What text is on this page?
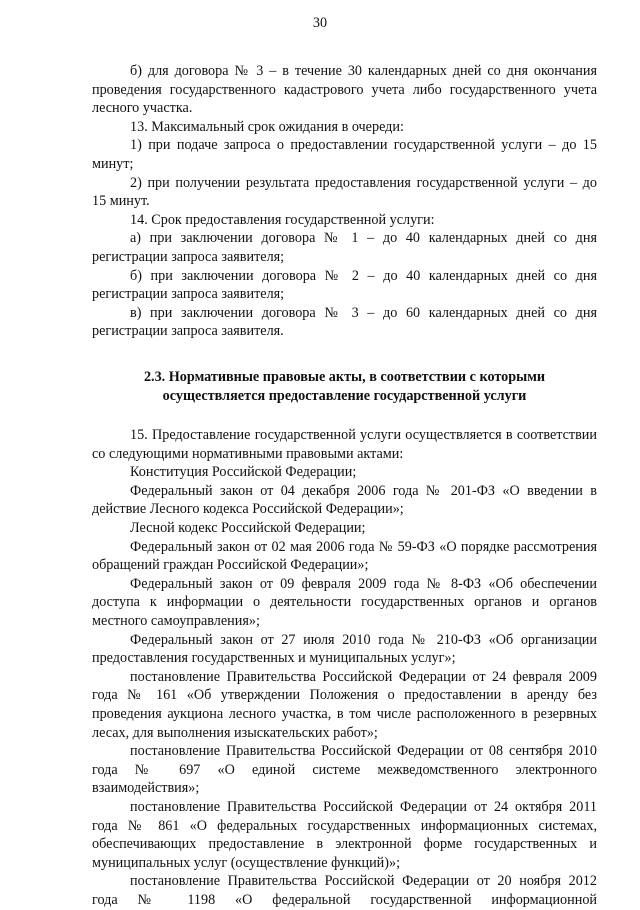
30

б) для договора № 3 – в течение 30 календарных дней со дня окончания проведения государственного кадастрового учета либо государственного учета лесного участка.

13. Максимальный срок ожидания в очереди:

1) при подаче запроса о предоставлении государственной услуги – до 15 минут;

2) при получении результата предоставления государственной услуги – до 15 минут.

14. Срок предоставления государственной услуги:

а) при заключении договора № 1 – до 40 календарных дней со дня регистрации запроса заявителя;

б) при заключении договора № 2 – до 40 календарных дней со дня регистрации запроса заявителя;

в) при заключении договора № 3 – до 60 календарных дней со дня регистрации запроса заявителя.

2.3. Нормативные правовые акты, в соответствии с которыми осуществляется предоставление государственной услуги

15. Предоставление государственной услуги осуществляется в соответствии со следующими нормативными правовыми актами:

Конституция Российской Федерации;

Федеральный закон от 04 декабря 2006 года № 201-ФЗ «О введении в действие Лесного кодекса Российской Федерации»;

Лесной кодекс Российской Федерации;

Федеральный закон от 02 мая 2006 года № 59-ФЗ «О порядке рассмотрения обращений граждан Российской Федерации»;

Федеральный закон от 09 февраля 2009 года № 8-ФЗ «Об обеспечении доступа к информации о деятельности государственных органов и органов местного самоуправления»;

Федеральный закон от 27 июля 2010 года № 210-ФЗ «Об организации предоставления государственных и муниципальных услуг»;

постановление Правительства Российской Федерации от 24 февраля 2009 года № 161 «Об утверждении Положения о предоставлении в аренду без проведения аукциона лесного участка, в том числе расположенного в резервных лесах, для выполнения изыскательских работ»;

постановление Правительства Российской Федерации от 08 сентября 2010 года № 697 «О единой системе межведомственного электронного взаимодействия»;

постановление Правительства Российской Федерации от 24 октября 2011 года № 861 «О федеральных государственных информационных системах, обеспечивающих предоставление в электронной форме государственных и муниципальных услуг (осуществление функций)»;

постановление Правительства Российской Федерации от 20 ноября 2012 года № 1198 «О федеральной государственной информационной
